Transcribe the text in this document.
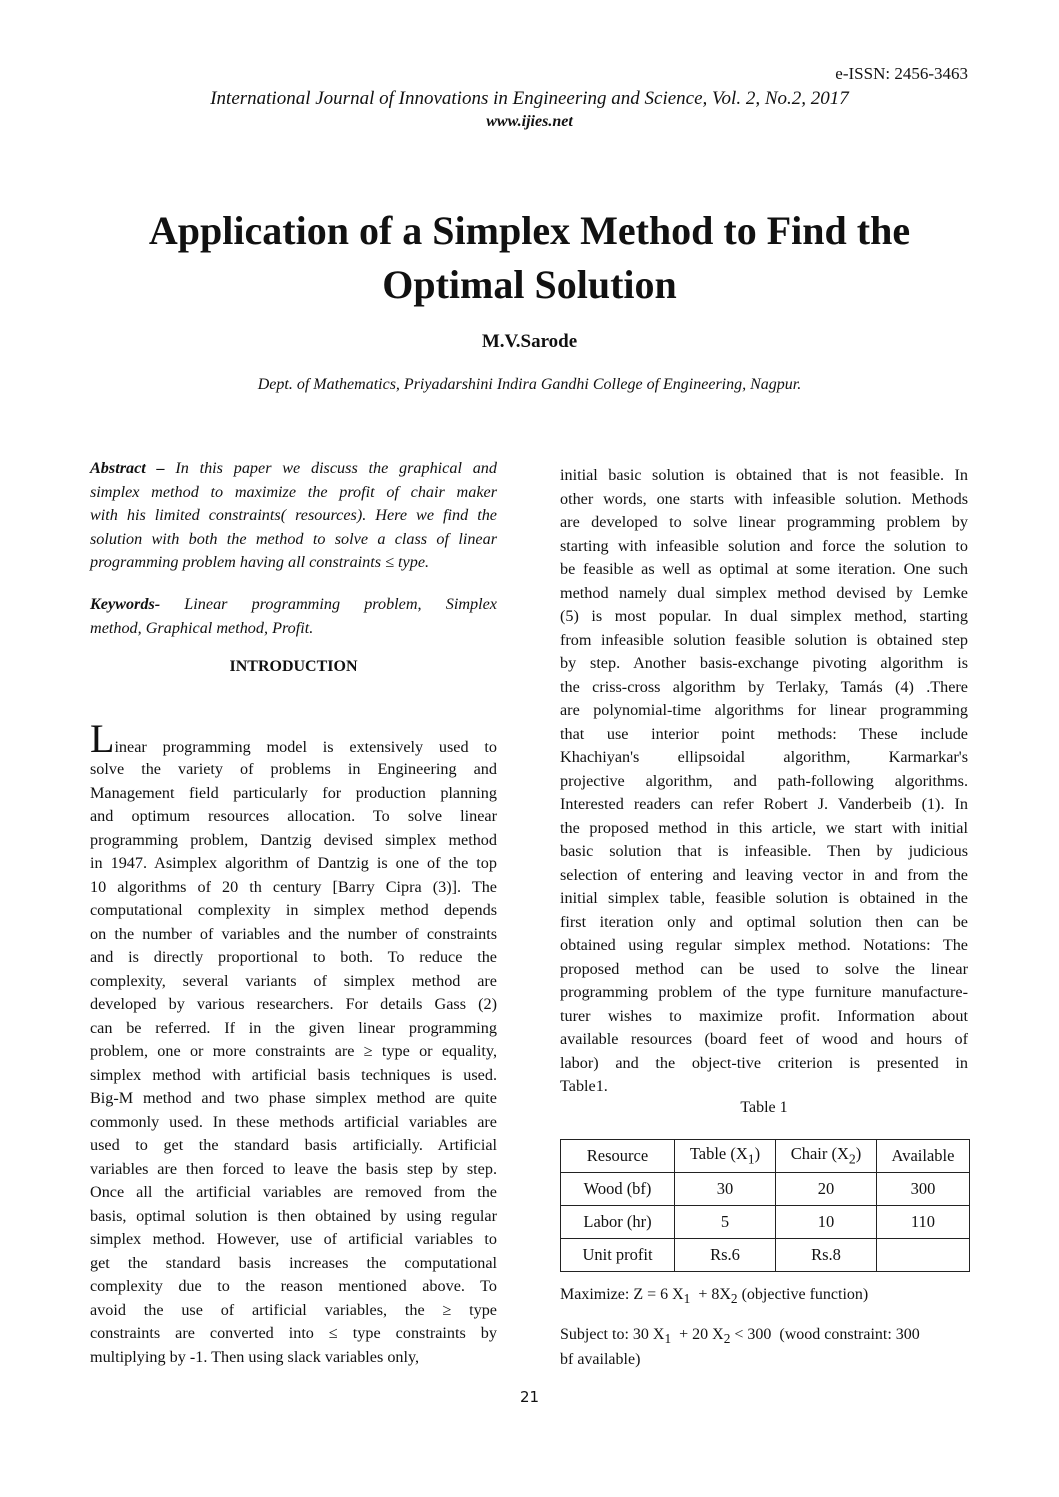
e-ISSN: 2456-3463
International Journal of Innovations in Engineering and Science, Vol. 2, No.2, 2017
www.ijies.net
Application of a Simplex Method to Find the
Optimal Solution
M.V.Sarode
Dept. of Mathematics, Priyadarshini Indira Gandhi College of Engineering, Nagpur.
Abstract – In this paper we discuss the graphical and
simplex method to maximize the profit of chair maker
with his limited constraints( resources). Here we find the
solution with both the method to solve a class of linear
programming problem having all constraints ≤ type.
Keywords- Linear programming problem, Simplex
method, Graphical method, Profit.
INTRODUCTION
Linear programming model is extensively used to
solve the variety of problems in Engineering and
Management field particularly for production planning
and optimum resources allocation. To solve linear
programming problem, Dantzig devised simplex method
in 1947. Asimplex algorithm of Dantzig is one of the top
10 algorithms of 20 th century [Barry Cipra (3)]. The
computational complexity in simplex method depends
on the number of variables and the number of constraints
and is directly proportional to both. To reduce the
complexity, several variants of simplex method are
developed by various researchers. For details Gass (2)
can be referred. If in the given linear programming
problem, one or more constraints are ≥ type or equality,
simplex method with artificial basis techniques is used.
Big-M method and two phase simplex method are quite
commonly used. In these methods artificial variables are
used to get the standard basis artificially. Artificial
variables are then forced to leave the basis step by step.
Once all the artificial variables are removed from the
basis, optimal solution is then obtained by using regular
simplex method. However, use of artificial variables to
get the standard basis increases the computational
complexity due to the reason mentioned above. To
avoid the use of artificial variables, the ≥ type
constraints are converted into ≤ type constraints by
multiplying by -1. Then using slack variables only,
initial basic solution is obtained that is not feasible. In
other words, one starts with infeasible solution. Methods
are developed to solve linear programming problem by
starting with infeasible solution and force the solution to
be feasible as well as optimal at some iteration. One such
method namely dual simplex method devised by Lemke
(5) is most popular. In dual simplex method, starting
from infeasible solution feasible solution is obtained step
by step. Another basis-exchange pivoting algorithm is
the criss-cross algorithm by Terlaky, Tamás (4) .There
are polynomial-time algorithms for linear programming
that use interior point methods: These include
Khachiyan's ellipsoidal algorithm, Karmarkar's
projective algorithm, and path-following algorithms.
Interested readers can refer Robert J. Vanderbeib (1). In
the proposed method in this article, we start with initial
basic solution that is infeasible. Then by judicious
selection of entering and leaving vector in and from the
initial simplex table, feasible solution is obtained in the
first iteration only and optimal solution then can be
obtained using regular simplex method. Notations: The
proposed method can be used to solve the linear
programming problem of the type furniture manufacture-
turer wishes to maximize profit. Information about
available resources (board feet of wood and hours of
labor) and the object-tive criterion is presented in
Table1.
Table 1
Resource	Table $(X_1)$	Chair $(X_2)$	Available
Wood (bf)	30	20	300
Labor (hr)	5	10	110
Unit profit	Rs.6	Rs.8	
Maximize: Z = 6 $X_1 + 8X_2$ (objective function)
Subject to: 30 $X_1 + 20$ $X_2 < 300$  (wood constraint: 300
bf available)
21
